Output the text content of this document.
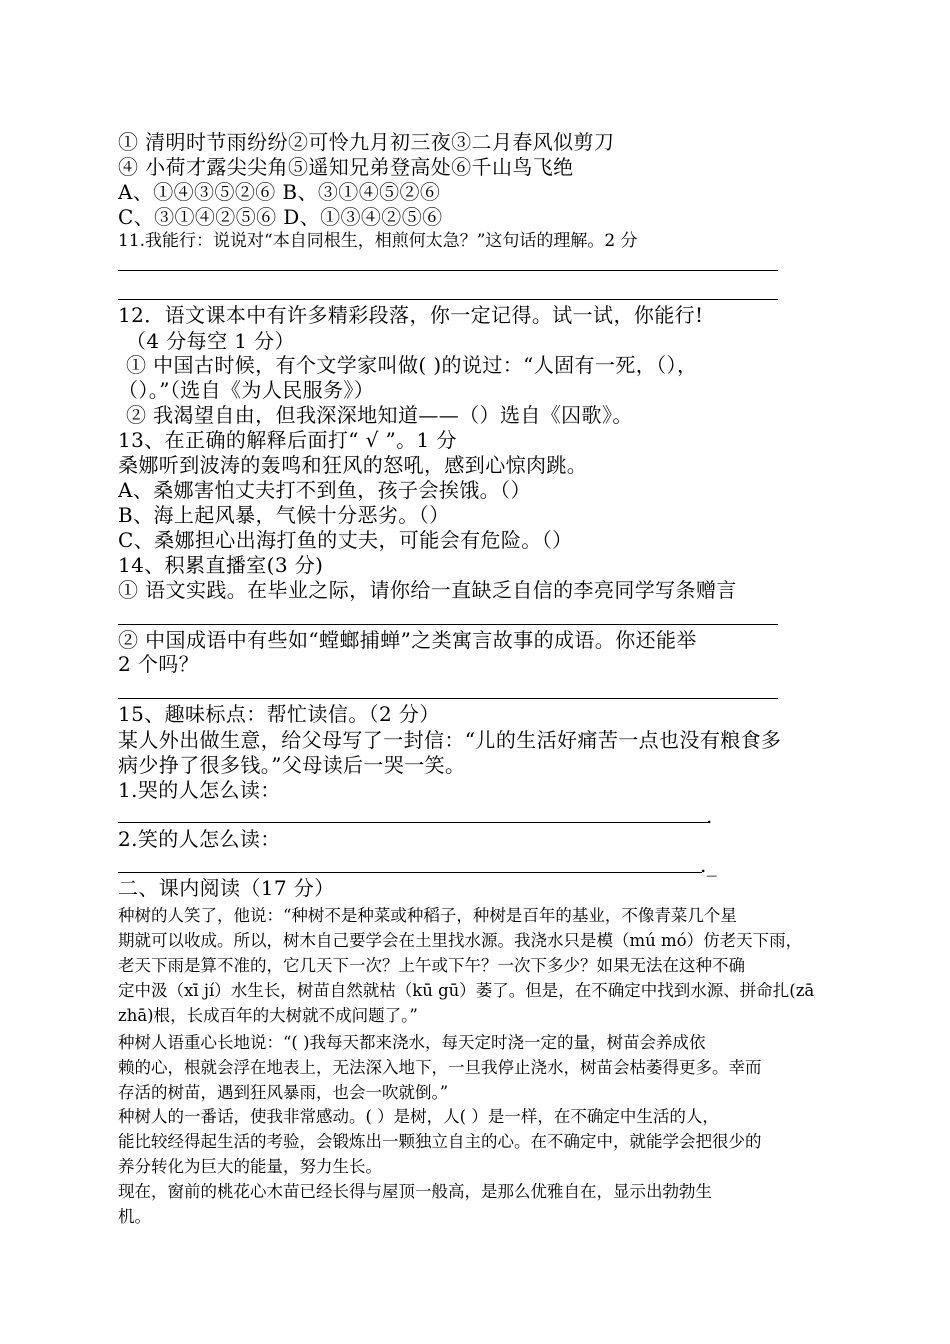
① 清明时节雨纷纷②可怜九月初三夜③二月春风似剪刀
④ 小荷才露尖尖角⑤遥知兄弟登高处⑥千山鸟飞绝
A、①④③⑤②⑥ B、③①④⑤②⑥
C、③①④②⑤⑥ D、①③④②⑤⑥
11.我能行：说说对“本自同根生，相煎何太急？”这句话的理解。2 分
12．语文课本中有许多精彩段落，你一定记得。试一试，你能行!
（4 分每空 1 分）
① 中国古时候，有个文学家叫做( )的说过：“人固有一死，（），
（）。”（选自《为人民服务》）
② 我渴望自由，但我深深地知道——（）选自《囚歌》。
13、在正确的解释后面打“ √ ”。1 分
桑娜听到波涛的轰鸣和狂风的怒吼，感到心惊肉跳。
A、桑娜害怕丈夫打不到鱼，孩子会挨饿。（）
B、海上起风暴，气候十分恶劣。（）
C、桑娜担心出海打鱼的丈夫，可能会有危险。（）
14、积累直播室(3 分)
① 语文实践。在毕业之际，请你给一直缺乏自信的李亮同学写条赠言
② 中国成语中有些如“螳螂捕蝉”之类寓言故事的成语。你还能举
2 个吗？
15、趣味标点：帮忙读信。（2 分）
某人外出做生意，给父母写了一封信：“儿的生活好痛苦一点也没有粮食多
病少挣了很多钱。”父母读后一哭一笑。
1.哭的人怎么读：
.
2.笑的人怎么读：
._
二、课内阅读（17 分）
种树的人笑了，他说：“种树不是种菜或种稻子，种树是百年的基业，不像青菜几个星
期就可以收成。所以，树木自己要学会在土里找水源。我浇水只是模（mú mó）仿老天下雨，
老天下雨是算不准的，它几天下一次？上午或下午？一次下多少？如果无法在这种不确
定中汲（xī jí）水生长，树苗自然就枯（kū gū）萎了。但是，在不确定中找到水源、拼命扎(zā
zhā)根，长成百年的大树就不成问题了。”
种树人语重心长地说：“( )我每天都来浇水，每天定时浇一定的量，树苗会养成依
赖的心，根就会浮在地表上，无法深入地下，一旦我停止浇水，树苗会枯萎得更多。幸而
存活的树苗，遇到狂风暴雨，也会一吹就倒。”
种树人的一番话，使我非常感动。( ）是树，人( ）是一样，在不确定中生活的人，
能比较经得起生活的考验，会锻炼出一颗独立自主的心。在不确定中，就能学会把很少的
养分转化为巨大的能量，努力生长。
现在，窗前的桃花心木苗已经长得与屋顶一般高，是那么优雅自在，显示出勃勃生
机。
